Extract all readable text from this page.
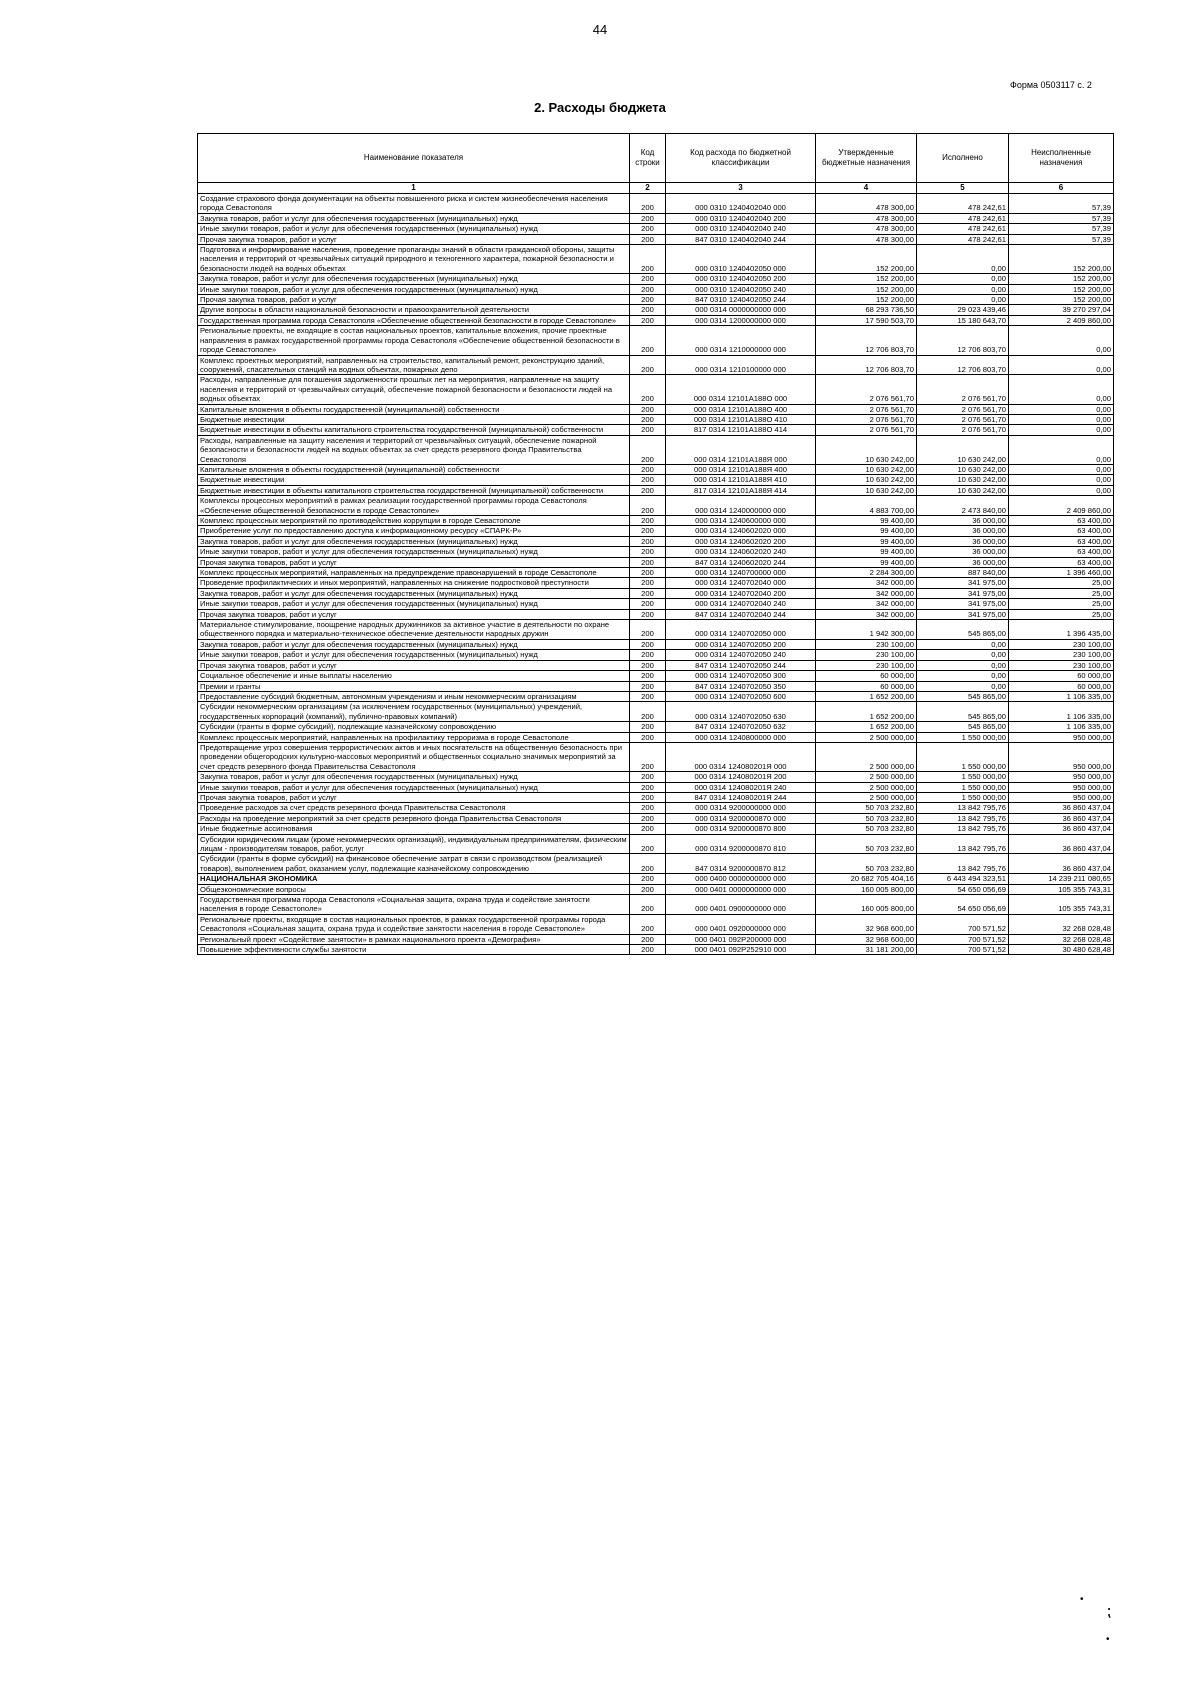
44
Форма 0503117 с. 2
2. Расходы бюджета
Наименование показателя	Код строки	Код расхода по бюджетной классификации	Утвержденные бюджетные назначения	Исполнено	Неисполненные назначения
1	2	3	4	5	6
Создание страхового фонда документации на объекты повышенного риска и систем жизнеобеспечения населения города Севастополя	200	000 0310 1240402040 000	478 300,00	478 242,61	57,39
Закупка товаров, работ и услуг для обеспечения государственных (муниципальных) нужд	200	000 0310 1240402040 200	478 300,00	478 242,61	57,39
Иные закупки товаров, работ и услуг для обеспечения государственных (муниципальных) нужд	200	000 0310 1240402040 240	478 300,00	478 242,61	57,39
Прочая закупка товаров, работ и услуг	200	847 0310 1240402040 244	478 300,00	478 242,61	57,39
Подготовка и информирование населения, проведение пропаганды знаний в области гражданской обороны, защиты населения и территорий от чрезвычайных ситуаций природного и техногенного характера, пожарной безопасности и безопасности людей на водных объектах	200	000 0310 1240402050 000	152 200,00	0,00	152 200,00
Закупка товаров, работ и услуг для обеспечения государственных (муниципальных) нужд	200	000 0310 1240402050 200	152 200,00	0,00	152 200,00
Иные закупки товаров, работ и услуг для обеспечения государственных (муниципальных) нужд	200	000 0310 1240402050 240	152 200,00	0,00	152 200,00
Прочая закупка товаров, работ и услуг	200	847 0310 1240402050 244	152 200,00	0,00	152 200,00
Другие вопросы в области национальной безопасности и правоохранительной деятельности	200	000 0314 0000000000 000	68 293 736,50	29 023 439,46	39 270 297,04
Государственная программа города Севастополя «Обеспечение общественной безопасности в городе Севастополе»	200	000 0314 1200000000 000	17 590 503,70	15 180 643,70	2 409 860,00
Региональные проекты, не входящие в состав национальных проектов, капитальные вложения, прочие проектные направления в рамках государственной программы города Севастополя «Обеспечение общественной безопасности в городе Севастополе»	200	000 0314 1210000000 000	12 706 803,70	12 706 803,70	0,00
Комплекс проектных мероприятий, направленных на строительство, капитальный ремонт, реконструкцию зданий, сооружений, спасательных станций на водных объектах, пожарных депо	200	000 0314 1210100000 000	12 706 803,70	12 706 803,70	0,00
Расходы, направленные для погашения задолженности прошлых лет на мероприятия, направленные на защиту населения и территорий от чрезвычайных ситуаций, обеспечение пожарной безопасности и безопасности людей на водных объектах	200	000 0314 12101А188О 000	2 076 561,70	2 076 561,70	0,00
Капитальные вложения в объекты государственной (муниципальной) собственности	200	000 0314 12101А188О 400	2 076 561,70	2 076 561,70	0,00
Бюджетные инвестиции	200	000 0314 12101А188О 410	2 076 561,70	2 076 561,70	0,00
Бюджетные инвестиции в объекты капитального строительства государственной (муниципальной) собственности	200	817 0314 12101А188О 414	2 076 561,70	2 076 561,70	0,00
Расходы, направленные на защиту населения и территорий от чрезвычайных ситуаций, обеспечение пожарной безопасности и безопасности людей на водных объектах за счет средств резервного фонда Правительства Севастополя	200	000 0314 12101А188Я 000	10 630 242,00	10 630 242,00	0,00
Капитальные вложения в объекты государственной (муниципальной) собственности	200	000 0314 12101А188Я 400	10 630 242,00	10 630 242,00	0,00
Бюджетные инвестиции	200	000 0314 12101А188Я 410	10 630 242,00	10 630 242,00	0,00
Бюджетные инвестиции в объекты капитального строительства государственной (муниципальной) собственности	200	817 0314 12101А188Я 414	10 630 242,00	10 630 242,00	0,00
Комплексы процессных мероприятий в рамках реализации государственной программы города Севастополя «Обеспечение общественной безопасности в городе Севастополе»	200	000 0314 1240000000 000	4 883 700,00	2 473 840,00	2 409 860,00
Комплекс процессных мероприятий по противодействию коррупции в городе Севастополе	200	000 0314 1240600000 000	99 400,00	36 000,00	63 400,00
Приобретение услуг по предоставлению доступа к информационному ресурсу «СПАРК-Р»	200	000 0314 1240602020 000	99 400,00	36 000,00	63 400,00
Закупка товаров, работ и услуг для обеспечения государственных (муниципальных) нужд	200	000 0314 1240602020 200	99 400,00	36 000,00	63 400,00
Иные закупки товаров, работ и услуг для обеспечения государственных (муниципальных) нужд	200	000 0314 1240602020 240	99 400,00	36 000,00	63 400,00
Прочая закупка товаров, работ и услуг	200	847 0314 1240602020 244	99 400,00	36 000,00	63 400,00
Комплекс процессных мероприятий, направленных на предупреждение правонарушений в городе Севастополе	200	000 0314 1240700000 000	2 284 300,00	887 840,00	1 396 460,00
Проведение профилактических и иных мероприятий, направленных на снижение подростковой преступности	200	000 0314 1240702040 000	342 000,00	341 975,00	25,00
Закупка товаров, работ и услуг для обеспечения государственных (муниципальных) нужд	200	000 0314 1240702040 200	342 000,00	341 975,00	25,00
Иные закупки товаров, работ и услуг для обеспечения государственных (муниципальных) нужд	200	000 0314 1240702040 240	342 000,00	341 975,00	25,00
Прочая закупка товаров, работ и услуг	200	847 0314 1240702040 244	342 000,00	341 975,00	25,00
Материальное стимулирование, поощрение народных дружинников за активное участие в деятельности по охране общественного порядка и материально-техническое обеспечение деятельности народных дружин	200	000 0314 1240702050 000	1 942 300,00	545 865,00	1 396 435,00
Закупка товаров, работ и услуг для обеспечения государственных (муниципальных) нужд	200	000 0314 1240702050 200	230 100,00	0,00	230 100,00
Иные закупки товаров, работ и услуг для обеспечения государственных (муниципальных) нужд	200	000 0314 1240702050 240	230 100,00	0,00	230 100,00
Прочая закупка товаров, работ и услуг	200	847 0314 1240702050 244	230 100,00	0,00	230 100,00
Социальное обеспечение и иные выплаты населению	200	000 0314 1240702050 300	60 000,00	0,00	60 000,00
Премии и гранты	200	847 0314 1240702050 350	60 000,00	0,00	60 000,00
Предоставление субсидий бюджетным, автономным учреждениям и иным некоммерческим организациям	200	000 0314 1240702050 600	1 652 200,00	545 865,00	1 106 335,00
Субсидии некоммерческим организациям (за исключением государственных (муниципальных) учреждений, государственных корпораций (компаний), публично-правовых компаний)	200	000 0314 1240702050 630	1 652 200,00	545 865,00	1 106 335,00
Субсидии (гранты в форме субсидий), подлежащие казначейскому сопровождению	200	847 0314 1240702050 632	1 652 200,00	545 865,00	1 106 335,00
Комплекс процессных мероприятий, направленных на профилактику терроризма в городе Севастополе	200	000 0314 1240800000 000	2 500 000,00	1 550 000,00	950 000,00
Предотвращение угроз совершения террористических актов и иных посягательств на общественную безопасность при проведении общегородских культурно-массовых мероприятий и общественных социально значимых мероприятий за счет средств резервного фонда Правительства Севастополя	200	000 0314 124080201Я 000	2 500 000,00	1 550 000,00	950 000,00
Закупка товаров, работ и услуг для обеспечения государственных (муниципальных) нужд	200	000 0314 124080201Я 200	2 500 000,00	1 550 000,00	950 000,00
Иные закупки товаров, работ и услуг для обеспечения государственных (муниципальных) нужд	200	000 0314 124080201Я 240	2 500 000,00	1 550 000,00	950 000,00
Прочая закупка товаров, работ и услуг	200	847 0314 124080201Я 244	2 500 000,00	1 550 000,00	950 000,00
Проведение расходов за счет средств резервного фонда Правительства Севастополя	200	000 0314 9200000000 000	50 703 232,80	13 842 795,76	36 860 437,04
Расходы на проведение мероприятий за счет средств резервного фонда Правительства Севастополя	200	000 0314 9200000870 000	50 703 232,80	13 842 795,76	36 860 437,04
Иные бюджетные ассигнования	200	000 0314 9200000870 800	50 703 232,80	13 842 795,76	36 860 437,04
Субсидии юридическим лицам (кроме некоммерческих организаций), индивидуальным предпринимателям, физическим лицам - производителям товаров, работ, услуг	200	000 0314 9200000870 810	50 703 232,80	13 842 795,76	36 860 437,04
Субсидии (гранты в форме субсидий) на финансовое обеспечение затрат в связи с производством (реализацией товаров), выполнением работ, оказанием услуг, подлежащие казначейскому сопровождению	200	847 0314 9200000870 812	50 703 232,80	13 842 795,76	36 860 437,04
НАЦИОНАЛЬНАЯ ЭКОНОМИКА	200	000 0400 0000000000 000	20 682 705 404,16	6 443 494 323,51	14 239 211 080,65
Общеэкономические вопросы	200	000 0401 0000000000 000	160 005 800,00	54 650 056,69	105 355 743,31
Государственная программа города Севастополя «Социальная защита, охрана труда и содействие занятости населения в городе Севастополе»	200	000 0401 0900000000 000	160 005 800,00	54 650 056,69	105 355 743,31
Региональные проекты, входящие в состав национальных проектов, в рамках государственной программы города Севастополя «Социальная защита, охрана труда и содействие занятости населения в городе Севастополе»	200	000 0401 0920000000 000	32 968 600,00	700 571,52	32 268 028,48
Региональный проект «Содействие занятости» в рамках национального проекта «Демография»	200	000 0401 092Р200000 000	32 968 600,00	700 571,52	32 268 028,48
Повышение эффективности службы занятости	200	000 0401 092Р252910 000	31 181 200,00	700 571,52	30 480 628,48
•
⁏
•
